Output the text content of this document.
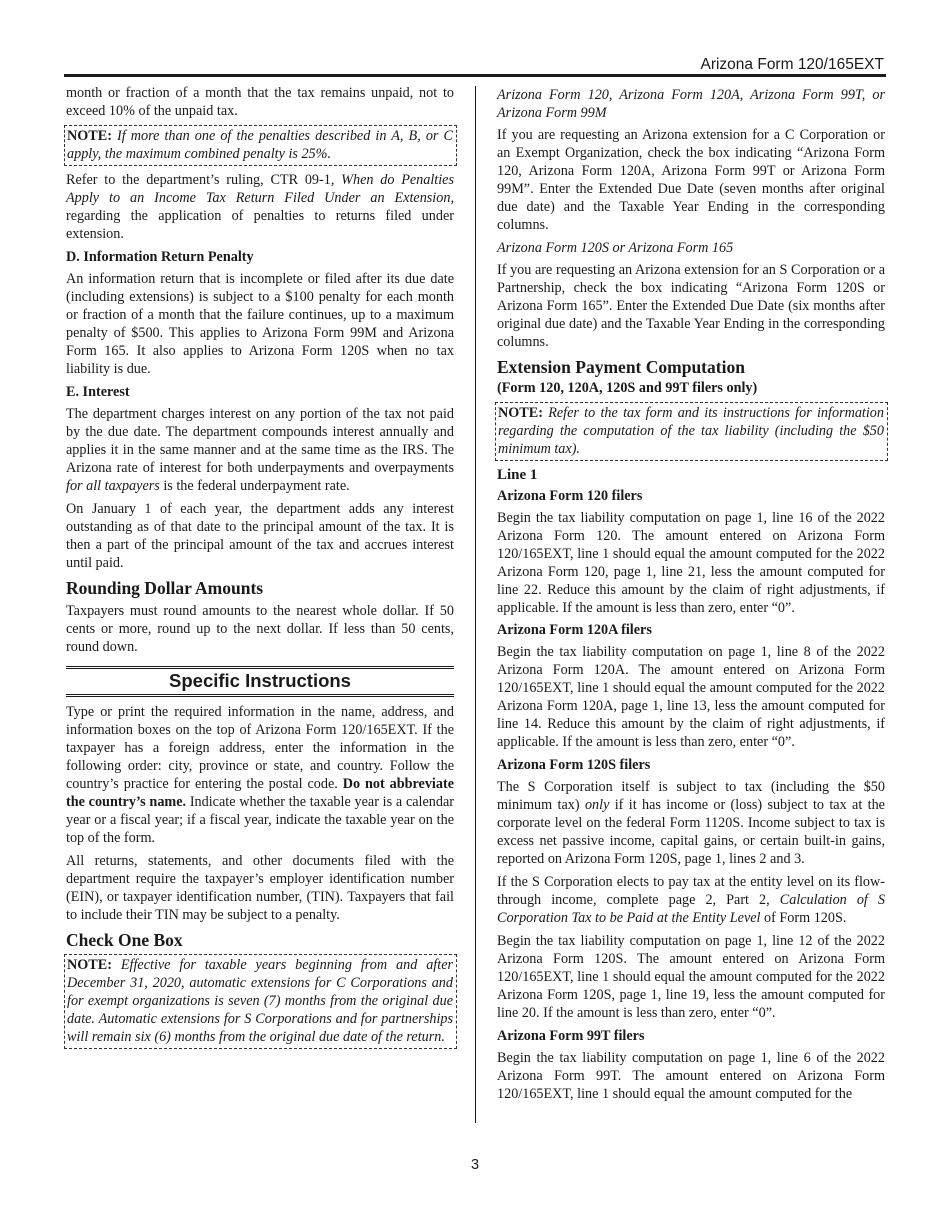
Arizona Form 120/165EXT

month or fraction of a month that the tax remains unpaid, not to exceed 10% of the unpaid tax.

NOTE: If more than one of the penalties described in A, B, or C apply, the maximum combined penalty is 25%.

Refer to the department’s ruling, CTR 09-1, When do Penalties Apply to an Income Tax Return Filed Under an Extension, regarding the application of penalties to returns filed under extension.

D. Information Return Penalty

An information return that is incomplete or filed after its due date (including extensions) is subject to a $100 penalty for each month or fraction of a month that the failure continues, up to a maximum penalty of $500. This applies to Arizona Form 99M and Arizona Form 165. It also applies to Arizona Form 120S when no tax liability is due.

E. Interest

The department charges interest on any portion of the tax not paid by the due date. The department compounds interest annually and applies it in the same manner and at the same time as the IRS. The Arizona rate of interest for both underpayments and overpayments for all taxpayers is the federal underpayment rate.

On January 1 of each year, the department adds any interest outstanding as of that date to the principal amount of the tax. It is then a part of the principal amount of the tax and accrues interest until paid.

Rounding Dollar Amounts

Taxpayers must round amounts to the nearest whole dollar. If 50 cents or more, round up to the next dollar. If less than 50 cents, round down.

Specific Instructions

Type or print the required information in the name, address, and information boxes on the top of Arizona Form 120/165EXT. If the taxpayer has a foreign address, enter the information in the following order: city, province or state, and country. Follow the country’s practice for entering the postal code. Do not abbreviate the country’s name. Indicate whether the taxable year is a calendar year or a fiscal year; if a fiscal year, indicate the taxable year on the top of the form.

All returns, statements, and other documents filed with the department require the taxpayer’s employer identification number (EIN), or taxpayer identification number, (TIN). Taxpayers that fail to include their TIN may be subject to a penalty.

Check One Box
NOTE: Effective for taxable years beginning from and after December 31, 2020, automatic extensions for C Corporations and for exempt organizations is seven (7) months from the original due date. Automatic extensions for S Corporations and for partnerships will remain six (6) months from the original due date of the return.

Arizona Form 120, Arizona Form 120A, Arizona Form 99T, or Arizona Form 99M

If you are requesting an Arizona extension for a C Corporation or an Exempt Organization, check the box indicating “Arizona Form 120, Arizona Form 120A, Arizona Form 99T or Arizona Form 99M”. Enter the Extended Due Date (seven months after original due date) and the Taxable Year Ending in the corresponding columns.

Arizona Form 120S or Arizona Form 165

If you are requesting an Arizona extension for an S Corporation or a Partnership, check the box indicating “Arizona Form 120S or Arizona Form 165”. Enter the Extended Due Date (six months after original due date) and the Taxable Year Ending in the corresponding columns.

Extension Payment Computation
(Form 120, 120A, 120S and 99T filers only)
NOTE: Refer to the tax form and its instructions for information regarding the computation of the tax liability (including the $50 minimum tax).
Line 1
Arizona Form 120 filers

Begin the tax liability computation on page 1, line 16 of the 2022 Arizona Form 120. The amount entered on Arizona Form 120/165EXT, line 1 should equal the amount computed for the 2022 Arizona Form 120, page 1, line 21, less the amount computed for line 22. Reduce this amount by the claim of right adjustments, if applicable. If the amount is less than zero, enter “0”.

Arizona Form 120A filers

Begin the tax liability computation on page 1, line 8 of the 2022 Arizona Form 120A. The amount entered on Arizona Form 120/165EXT, line 1 should equal the amount computed for the 2022 Arizona Form 120A, page 1, line 13, less the amount computed for line 14. Reduce this amount by the claim of right adjustments, if applicable. If the amount is less than zero, enter “0”.

Arizona Form 120S filers

The S Corporation itself is subject to tax (including the $50 minimum tax) only if it has income or (loss) subject to tax at the corporate level on the federal Form 1120S. Income subject to tax is excess net passive income, capital gains, or certain built-in gains, reported on Arizona Form 120S, page 1, lines 2 and 3.

If the S Corporation elects to pay tax at the entity level on its flow-through income, complete page 2, Part 2, Calculation of S Corporation Tax to be Paid at the Entity Level of Form 120S.

Begin the tax liability computation on page 1, line 12 of the 2022 Arizona Form 120S. The amount entered on Arizona Form 120/165EXT, line 1 should equal the amount computed for the 2022 Arizona Form 120S, page 1, line 19, less the amount computed for line 20. If the amount is less than zero, enter “0”.

Arizona Form 99T filers

Begin the tax liability computation on page 1, line 6 of the 2022 Arizona Form 99T. The amount entered on Arizona Form 120/165EXT, line 1 should equal the amount computed for the

3
